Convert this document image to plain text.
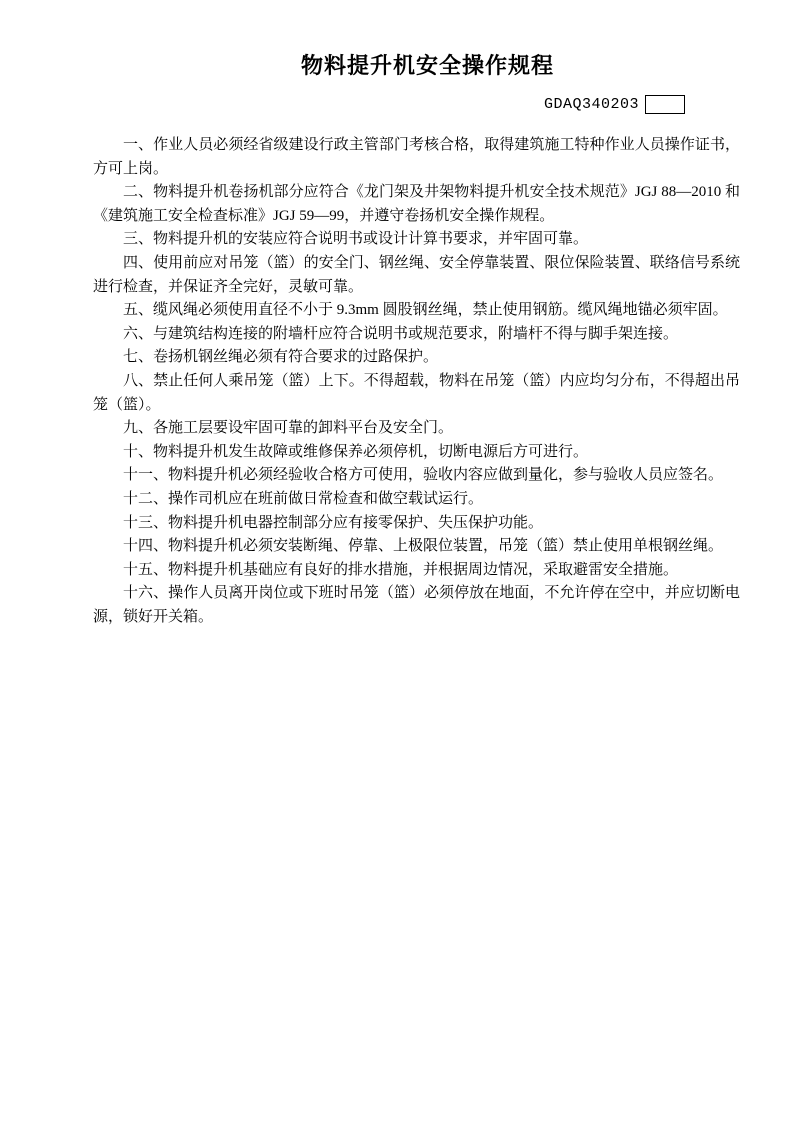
物料提升机安全操作规程
GDAQ340203

一、作业人员必须经省级建设行政主管部门考核合格，取得建筑施工特种作业人员操作证书，方可上岗。

二、物料提升机卷扬机部分应符合《龙门架及井架物料提升机安全技术规范》JGJ 88—2010 和《建筑施工安全检查标准》JGJ 59—99，并遵守卷扬机安全操作规程。

三、物料提升机的安装应符合说明书或设计计算书要求，并牢固可靠。

四、使用前应对吊笼（篮）的安全门、钢丝绳、安全停靠装置、限位保险装置、联络信号系统进行检查，并保证齐全完好，灵敏可靠。

五、缆风绳必须使用直径不小于 9.3mm 圆股钢丝绳，禁止使用钢筋。缆风绳地锚必须牢固。

六、与建筑结构连接的附墙杆应符合说明书或规范要求，附墙杆不得与脚手架连接。

七、卷扬机钢丝绳必须有符合要求的过路保护。

八、禁止任何人乘吊笼（篮）上下。不得超载，物料在吊笼（篮）内应均匀分布，不得超出吊笼（篮）。

九、各施工层要设牢固可靠的卸料平台及安全门。

十、物料提升机发生故障或维修保养必须停机，切断电源后方可进行。

十一、物料提升机必须经验收合格方可使用，验收内容应做到量化，参与验收人员应签名。

十二、操作司机应在班前做日常检查和做空载试运行。

十三、物料提升机电器控制部分应有接零保护、失压保护功能。

十四、物料提升机必须安装断绳、停靠、上极限位装置，吊笼（篮）禁止使用单根钢丝绳。

十五、物料提升机基础应有良好的排水措施，并根据周边情况，采取避雷安全措施。

十六、操作人员离开岗位或下班时吊笼（篮）必须停放在地面，不允许停在空中，并应切断电源，锁好开关箱。
